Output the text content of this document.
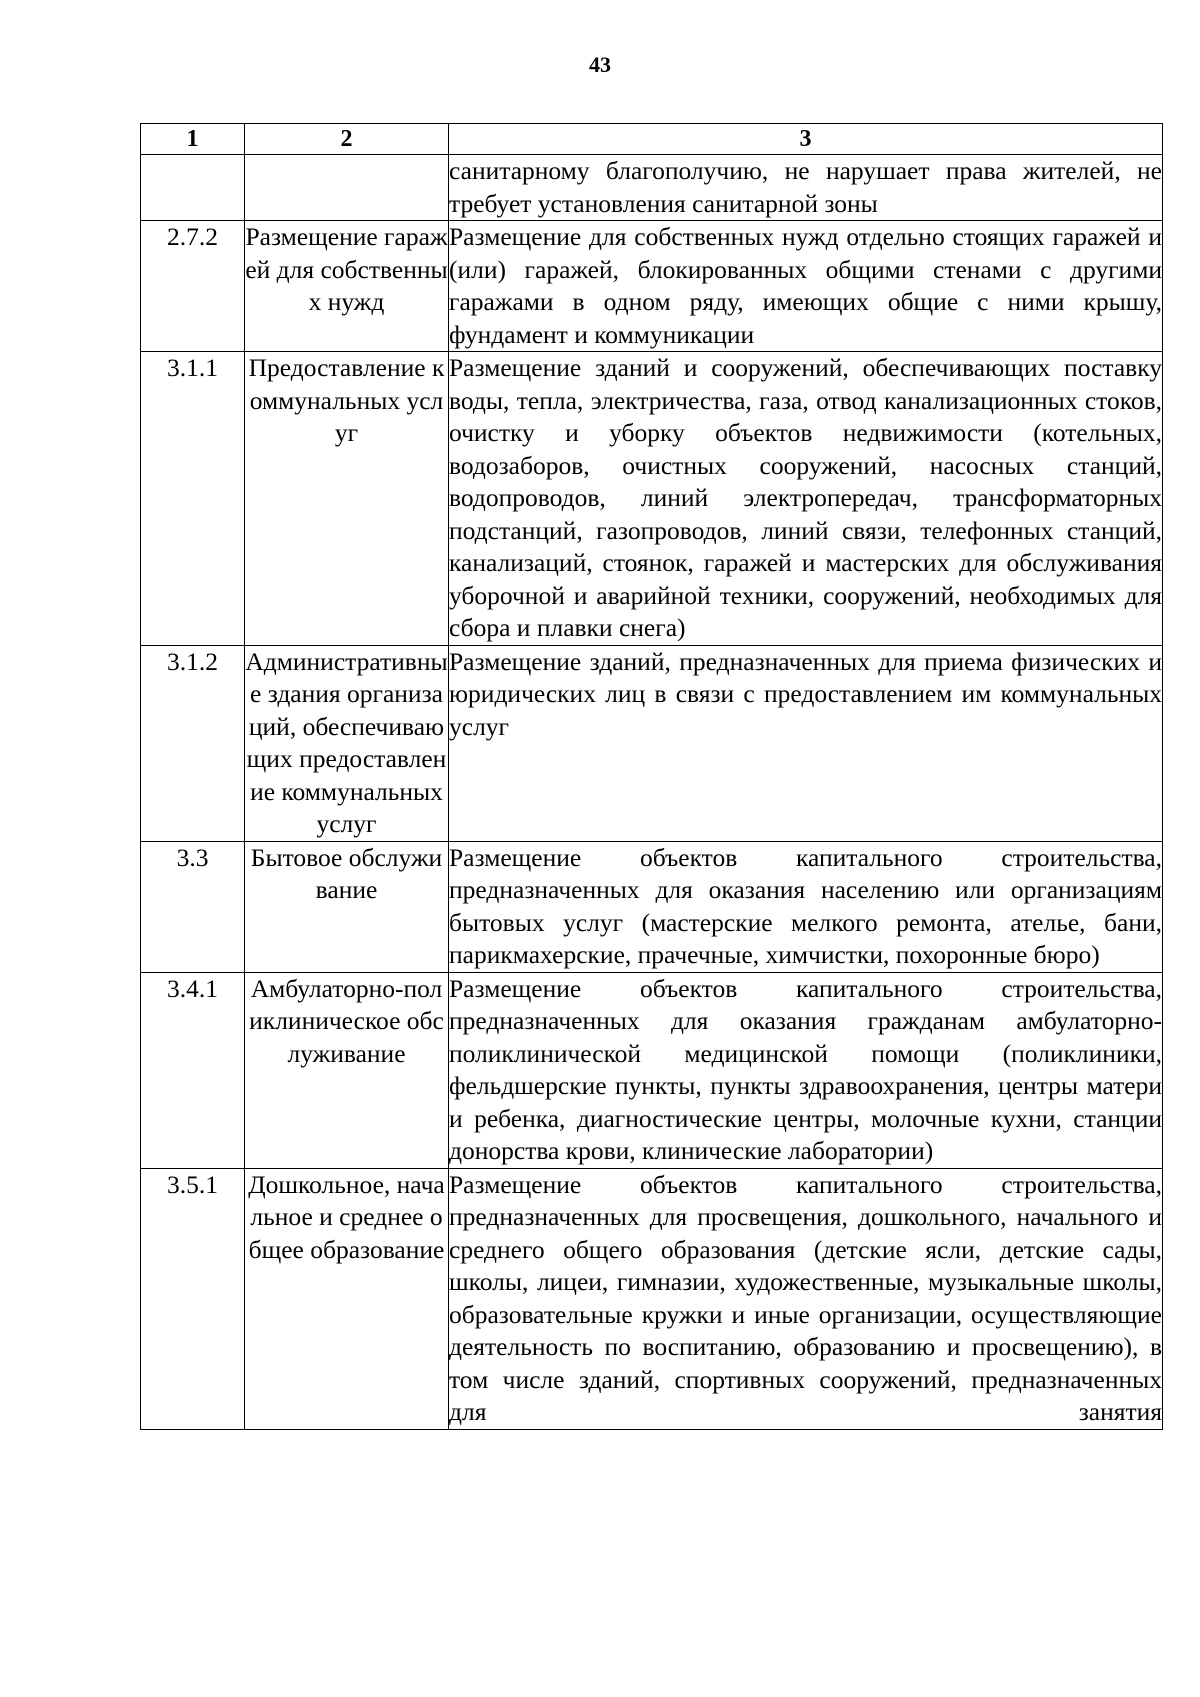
43
1	2	3
		санитарному благополучию, не нарушает права жителей, не требует установления санитарной зоны
2.7.2	Размещение гаражей для собственных нужд	Размещение для собственных нужд отдельно стоящих гаражей и (или) гаражей, блокированных общими стенами с другими гаражами в одном ряду, имеющих общие с ними крышу, фундамент и коммуникации
3.1.1	Предоставление коммунальных услуг	Размещение зданий и сооружений, обеспечивающих поставку воды, тепла, электричества, газа, отвод канализационных стоков, очистку и уборку объектов недвижимости (котельных, водозаборов, очистных сооружений, насосных станций, водопроводов, линий электропередач, трансформаторных подстанций, газопроводов, линий связи, телефонных станций, канализаций, стоянок, гаражей и мастерских для обслуживания уборочной и аварийной техники, сооружений, необходимых для сбора и плавки снега)
3.1.2	Административные здания организаций, обеспечивающих предоставление коммунальных услуг	Размещение зданий, предназначенных для приема физических и юридических лиц в связи с предоставлением им коммунальных услуг
3.3	Бытовое обслуживание	Размещение объектов капитального строительства, предназначенных для оказания населению или организациям бытовых услуг (мастерские мелкого ремонта, ателье, бани, парикмахерские, прачечные, химчистки, похоронные бюро)
3.4.1	Амбулаторно-поликлиническое обслуживание	Размещение объектов капитального строительства, предназначенных для оказания гражданам амбулаторно-поликлинической медицинской помощи (поликлиники, фельдшерские пункты, пункты здравоохранения, центры матери и ребенка, диагностические центры, молочные кухни, станции донорства крови, клинические лаборатории)
3.5.1	Дошкольное, начальное и среднее общее образование	Размещение объектов капитального строительства, предназначенных для просвещения, дошкольного, начального и среднего общего образования (детские ясли, детские сады, школы, лицеи, гимназии, художественные, музыкальные школы, образовательные кружки и иные организации, осуществляющие деятельность по воспитанию, образованию и просвещению), в том числе зданий, спортивных сооружений, предназначенных для занятия
